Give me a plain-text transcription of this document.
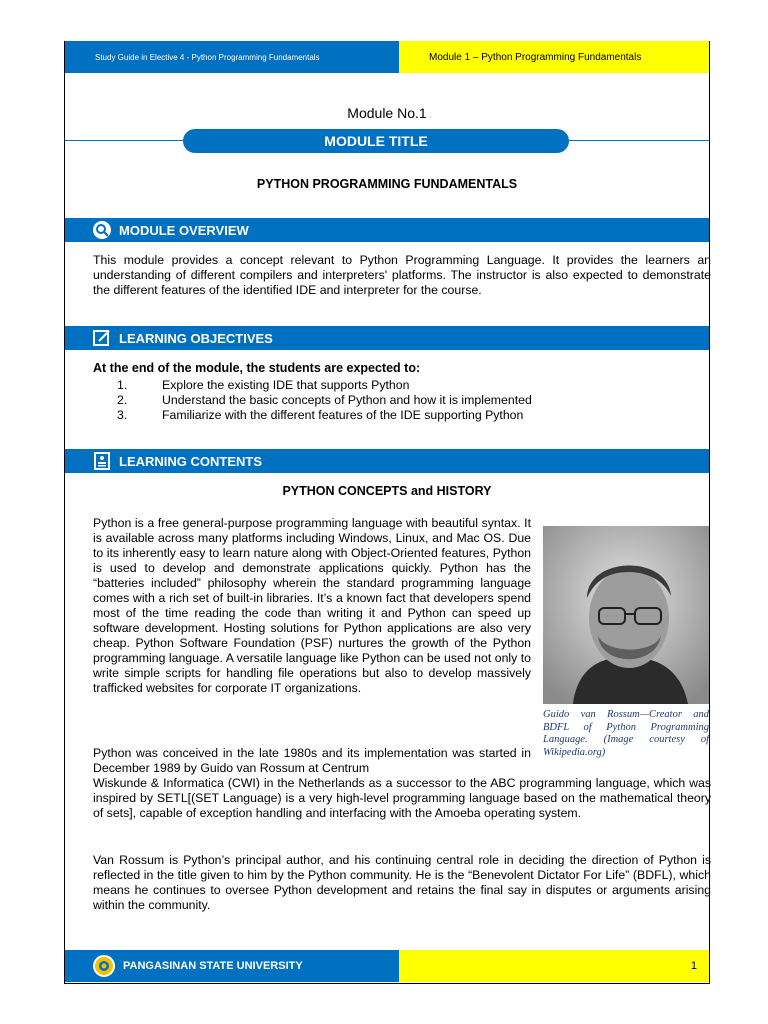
Study Guide in Elective 4 - Python Programming Fundamentals	Module 1 – Python Programming Fundamentals
Module No.1
MODULE TITLE
PYTHON PROGRAMMING FUNDAMENTALS
MODULE OVERVIEW
This module provides a concept relevant to Python Programming Language. It provides the learners an understanding of different compilers and interpreters' platforms. The instructor is also expected to demonstrate the different features of the identified IDE and interpreter for the course.
LEARNING OBJECTIVES
At the end of the module, the students are expected to:
1.	Explore the existing IDE that supports Python
2.	Understand the basic concepts of Python and how it is implemented
3.	Familiarize with the different features of the IDE supporting Python
LEARNING CONTENTS
PYTHON CONCEPTS and HISTORY
Python is a free general-purpose programming language with beautiful syntax. It is available across many platforms including Windows, Linux, and Mac OS. Due to its inherently easy to learn nature along with Object-Oriented features, Python is used to develop and demonstrate applications quickly. Python has the “batteries included” philosophy wherein the standard programming language comes with a rich set of built-in libraries. It’s a known fact that developers spend most of the time reading the code than writing it and Python can speed up software development. Hosting solutions for Python applications are also very cheap. Python Software Foundation (PSF) nurtures the growth of the Python programming language. A versatile language like Python can be used not only to write simple scripts for handling file operations but also to develop massively trafficked websites for corporate IT organizations.
Guido van Rossum—Creator and BDFL of Python Programming Language. (Image courtesy of Wikipedia.org)
Python was conceived in the late 1980s and its implementation was started in December 1989 by Guido van Rossum at Centrum
Wiskunde & Informatica (CWI) in the Netherlands as a successor to the ABC programming language, which was inspired by SETL[(SET Language) is a very high-level programming language based on the mathematical theory of sets], capable of exception handling and interfacing with the Amoeba operating system.
Van Rossum is Python’s principal author, and his continuing central role in deciding the direction of Python is reflected in the title given to him by the Python community. He is the “Benevolent Dictator For Life” (BDFL), which means he continues to oversee Python development and retains the final say in disputes or arguments arising within the community.
PANGASINAN STATE UNIVERSITY	1
